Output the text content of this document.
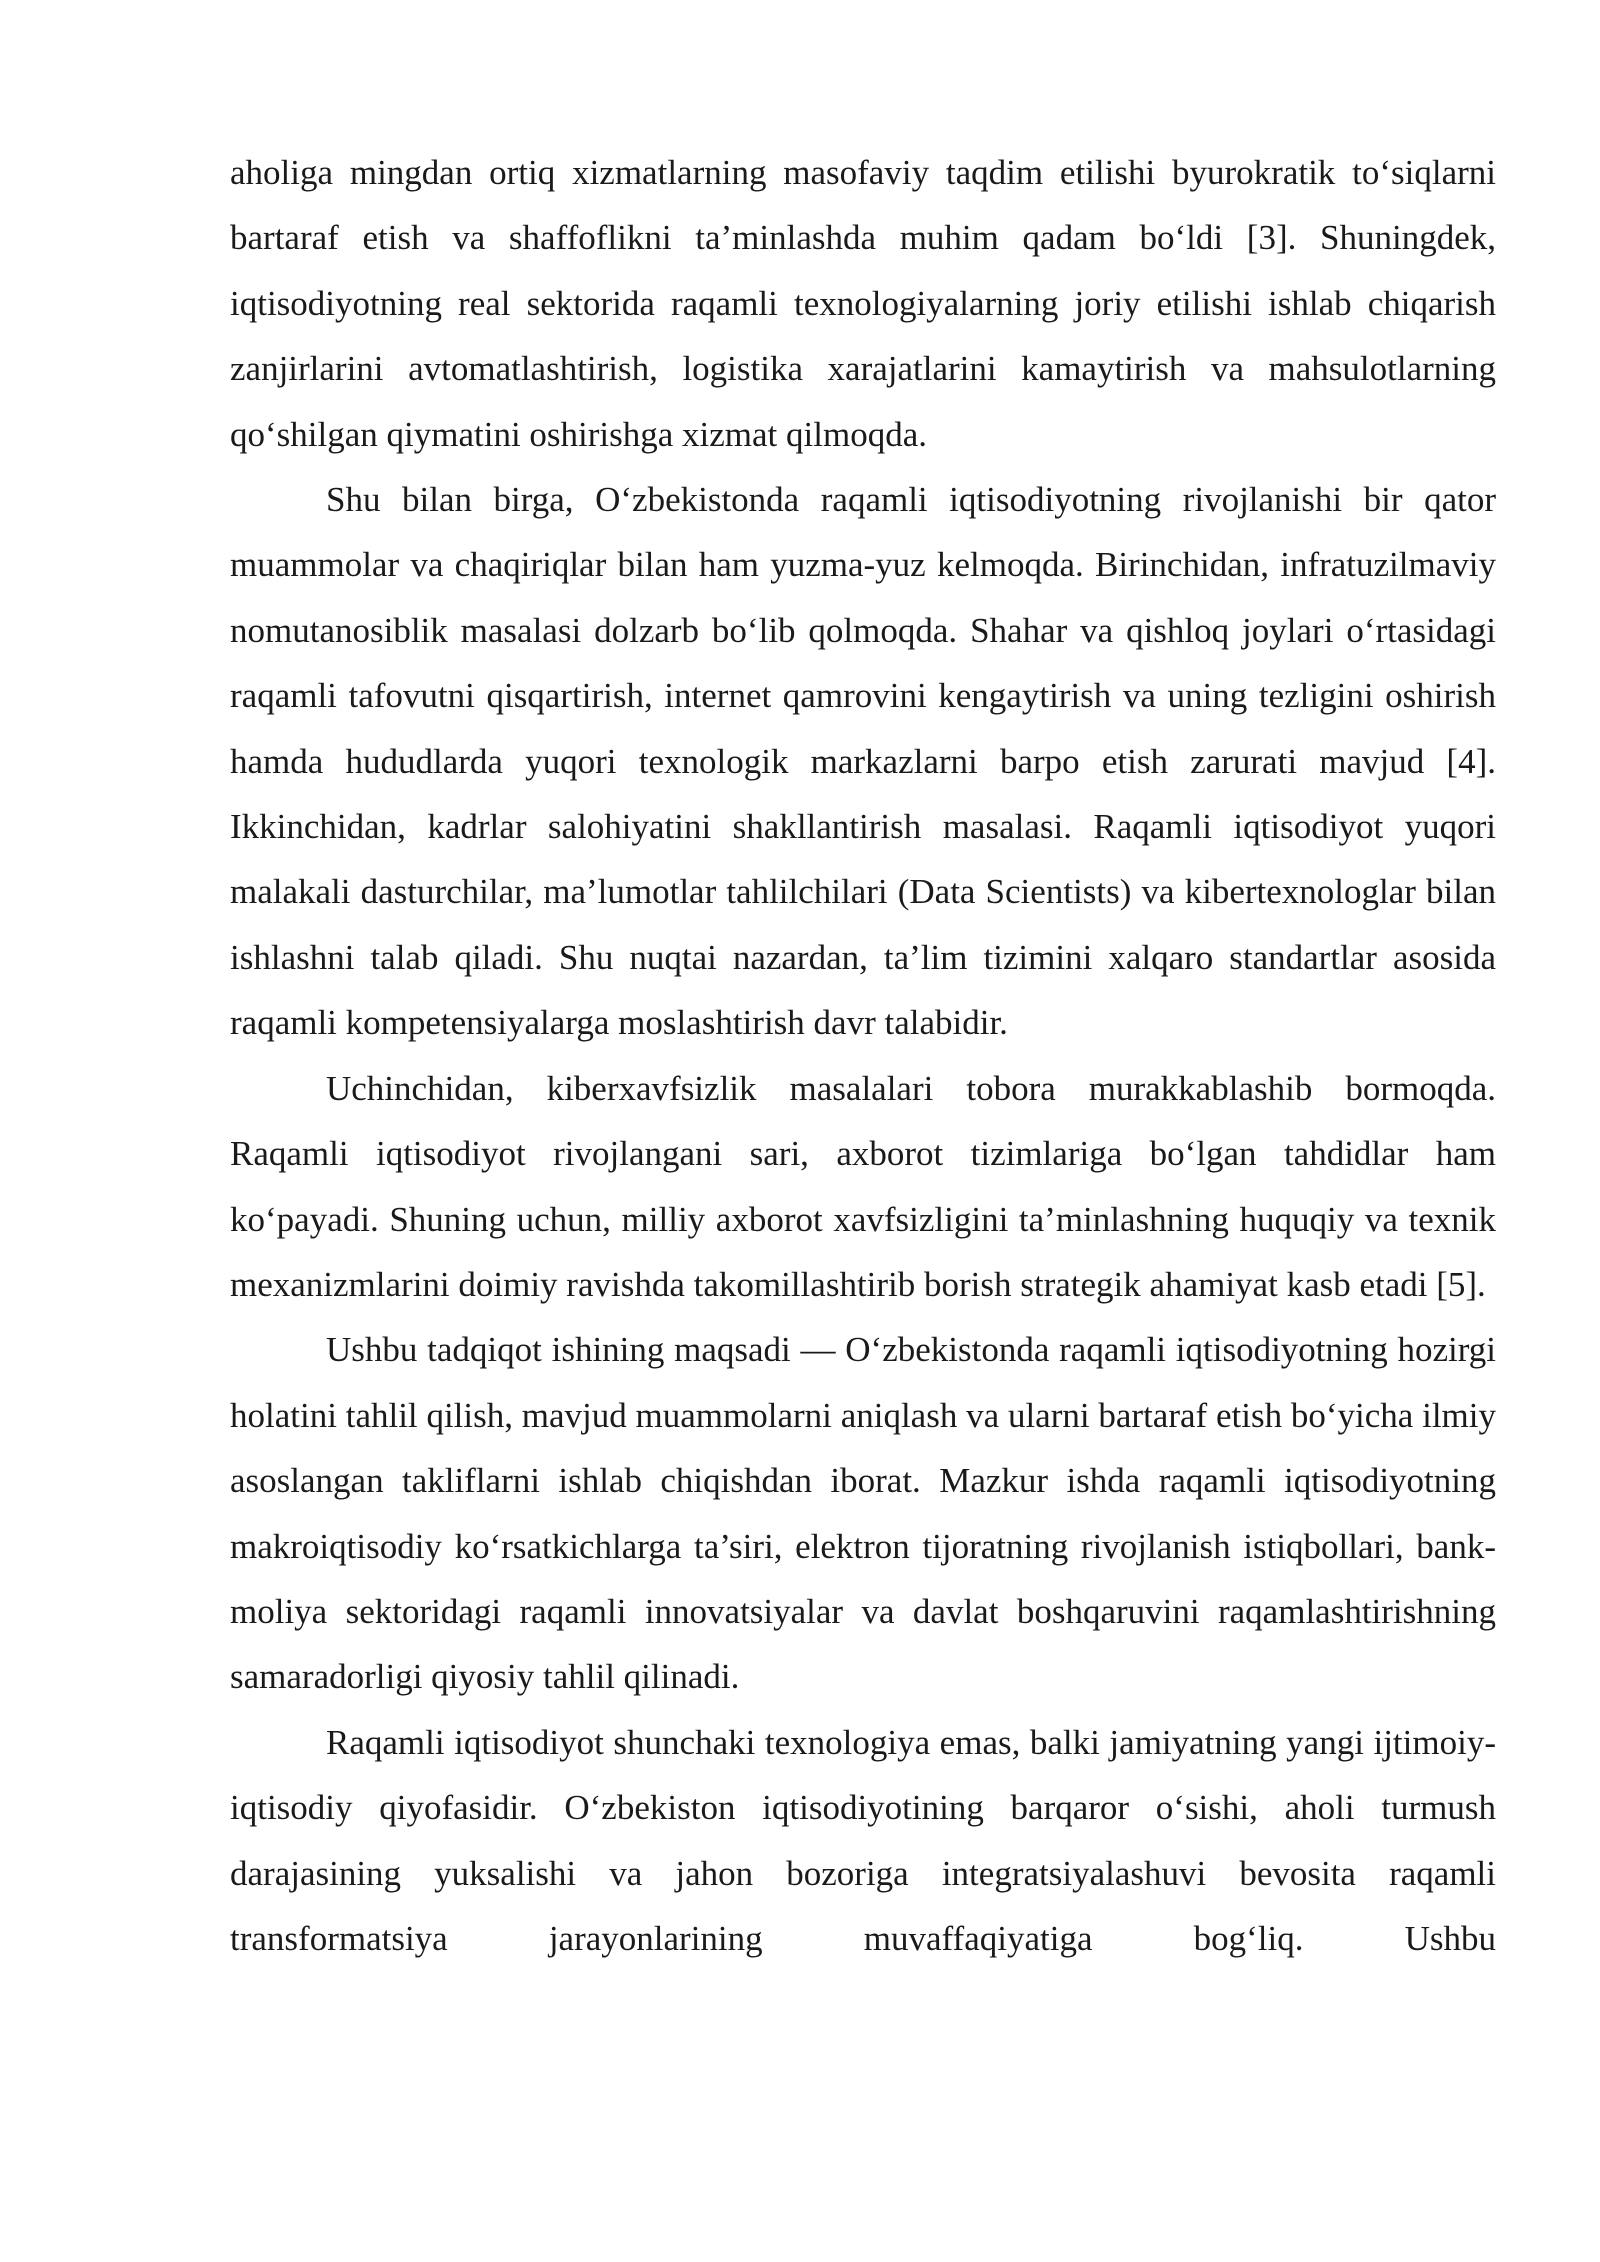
aholiga mingdan ortiq xizmatlarning masofaviy taqdim etilishi byurokratik to‘siqlarni bartaraf etish va shaffoflikni ta’minlashda muhim qadam bo‘ldi [3]. Shuningdek, iqtisodiyotning real sektorida raqamli texnologiyalarning joriy etilishi ishlab chiqarish zanjirlarini avtomatlashtirish, logistika xarajatlarini kamaytirish va mahsulotlarning qo‘shilgan qiymatini oshirishga xizmat qilmoqda.

Shu bilan birga, O‘zbekistonda raqamli iqtisodiyotning rivojlanishi bir qator muammolar va chaqiriqlar bilan ham yuzma-yuz kelmoqda. Birinchidan, infratuzilmaviy nomutanosiblik masalasi dolzarb bo‘lib qolmoqda. Shahar va qishloq joylari o‘rtasidagi raqamli tafovutni qisqartirish, internet qamrovini kengaytirish va uning tezligini oshirish hamda hududlarda yuqori texnologik markazlarni barpo etish zarurati mavjud [4]. Ikkinchidan, kadrlar salohiyatini shakllantirish masalasi. Raqamli iqtisodiyot yuqori malakali dasturchilar, ma’lumotlar tahlilchilari (Data Scientists) va kibertexnologlar bilan ishlashni talab qiladi. Shu nuqtai nazardan, ta’lim tizimini xalqaro standartlar asosida raqamli kompetensiyalarga moslashtirish davr talabidir.

Uchinchidan, kiberxavfsizlik masalalari tobora murakkablashib bormoqda. Raqamli iqtisodiyot rivojlangani sari, axborot tizimlariga bo‘lgan tahdidlar ham ko‘payadi. Shuning uchun, milliy axborot xavfsizligini ta’minlashning huquqiy va texnik mexanizmlarini doimiy ravishda takomillashtirib borish strategik ahamiyat kasb etadi [5].

Ushbu tadqiqot ishining maqsadi — O‘zbekistonda raqamli iqtisodiyotning hozirgi holatini tahlil qilish, mavjud muammolarni aniqlash va ularni bartaraf etish bo‘yicha ilmiy asoslangan takliflarni ishlab chiqishdan iborat. Mazkur ishda raqamli iqtisodiyotning makroiqtisodiy ko‘rsatkichlarga ta’siri, elektron tijoratning rivojlanish istiqbollari, bank-moliya sektoridagi raqamli innovatsiyalar va davlat boshqaruvini raqamlashtirishning samaradorligi qiyosiy tahlil qilinadi.

Raqamli iqtisodiyot shunchaki texnologiya emas, balki jamiyatning yangi ijtimoiy-iqtisodiy qiyofasidir. O‘zbekiston iqtisodiyotining barqaror o‘sishi, aholi turmush darajasining yuksalishi va jahon bozoriga integratsiyalashuvi bevosita raqamli transformatsiya jarayonlarining muvaffaqiyatiga bog‘liq. Ushbu
